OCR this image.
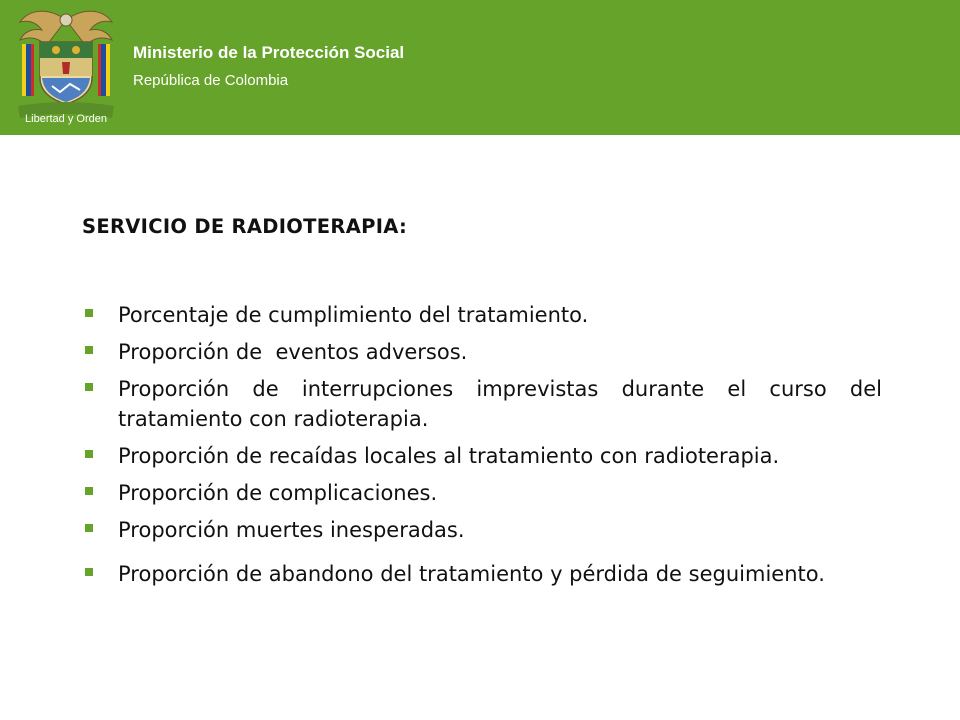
Ministerio de la Protección Social
República de Colombia
Libertad y Orden
SERVICIO DE RADIOTERAPIA:
Porcentaje de cumplimiento del tratamiento.
Proporción de  eventos adversos.
Proporción de interrupciones imprevistas durante el curso del tratamiento con radioterapia.
Proporción de recaídas locales al tratamiento con radioterapia.
Proporción de complicaciones.
Proporción muertes inesperadas.
Proporción de abandono del tratamiento y pérdida de seguimiento.
